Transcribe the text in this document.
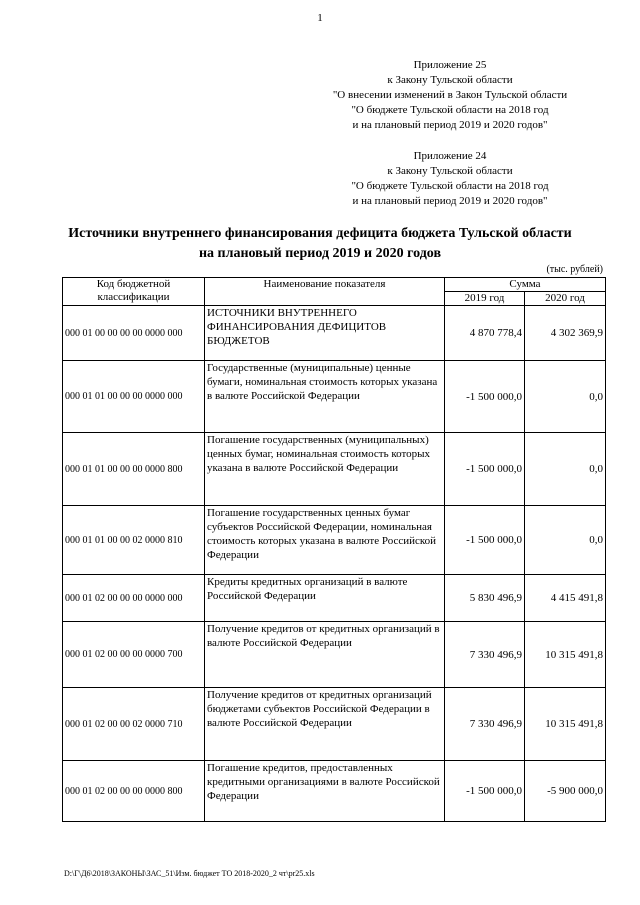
1
Приложение 25
к Закону Тульской области
"О внесении изменений в Закон Тульской области
"О бюджете Тульской области на 2018 год
и на плановый период 2019 и 2020 годов"
Приложение 24
к Закону Тульской области
"О бюджете Тульской области на 2018 год
и на плановый период 2019 и 2020 годов"
Источники внутреннего финансирования дефицита бюджета Тульской области
на плановый период 2019 и 2020 годов
(тыс. рублей)
Код бюджетной классификации	Наименование показателя	Сумма	
		2019 год	2020 год
000 01 00 00 00 00 0000 000	ИСТОЧНИКИ ВНУТРЕННЕГО ФИНАНСИРОВАНИЯ ДЕФИЦИТОВ БЮДЖЕТОВ	4 870 778,4	4 302 369,9
000 01 01 00 00 00 0000 000	Государственные (муниципальные) ценные бумаги, номинальная стоимость которых указана в валюте Российской Федерации	-1 500 000,0	0,0
000 01 01 00 00 00 0000 800	Погашение государственных (муниципальных) ценных бумаг, номинальная стоимость которых указана в валюте Российской Федерации	-1 500 000,0	0,0
000 01 01 00 00 02 0000 810	Погашение государственных ценных бумаг субъектов Российской Федерации, номинальная стоимость которых указана в валюте Российской Федерации	-1 500 000,0	0,0
000 01 02 00 00 00 0000 000	Кредиты кредитных организаций в валюте Российской Федерации	5 830 496,9	4 415 491,8
000 01 02 00 00 00 0000 700	Получение кредитов от кредитных организаций в валюте Российской Федерации	7 330 496,9	10 315 491,8
000 01 02 00 00 02 0000 710	Получение кредитов от кредитных организаций бюджетами субъектов Российской Федерации в валюте Российской Федерации	7 330 496,9	10 315 491,8
000 01 02 00 00 00 0000 800	Погашение кредитов, предоставленных кредитными организациями в валюте Российской Федерации	-1 500 000,0	-5 900 000,0
D:\Г\Д6\2018\ЗАКОНЫ\ЗАС_51\Изм. бюджет ТО 2018-2020_2 чт\pr25.xls
